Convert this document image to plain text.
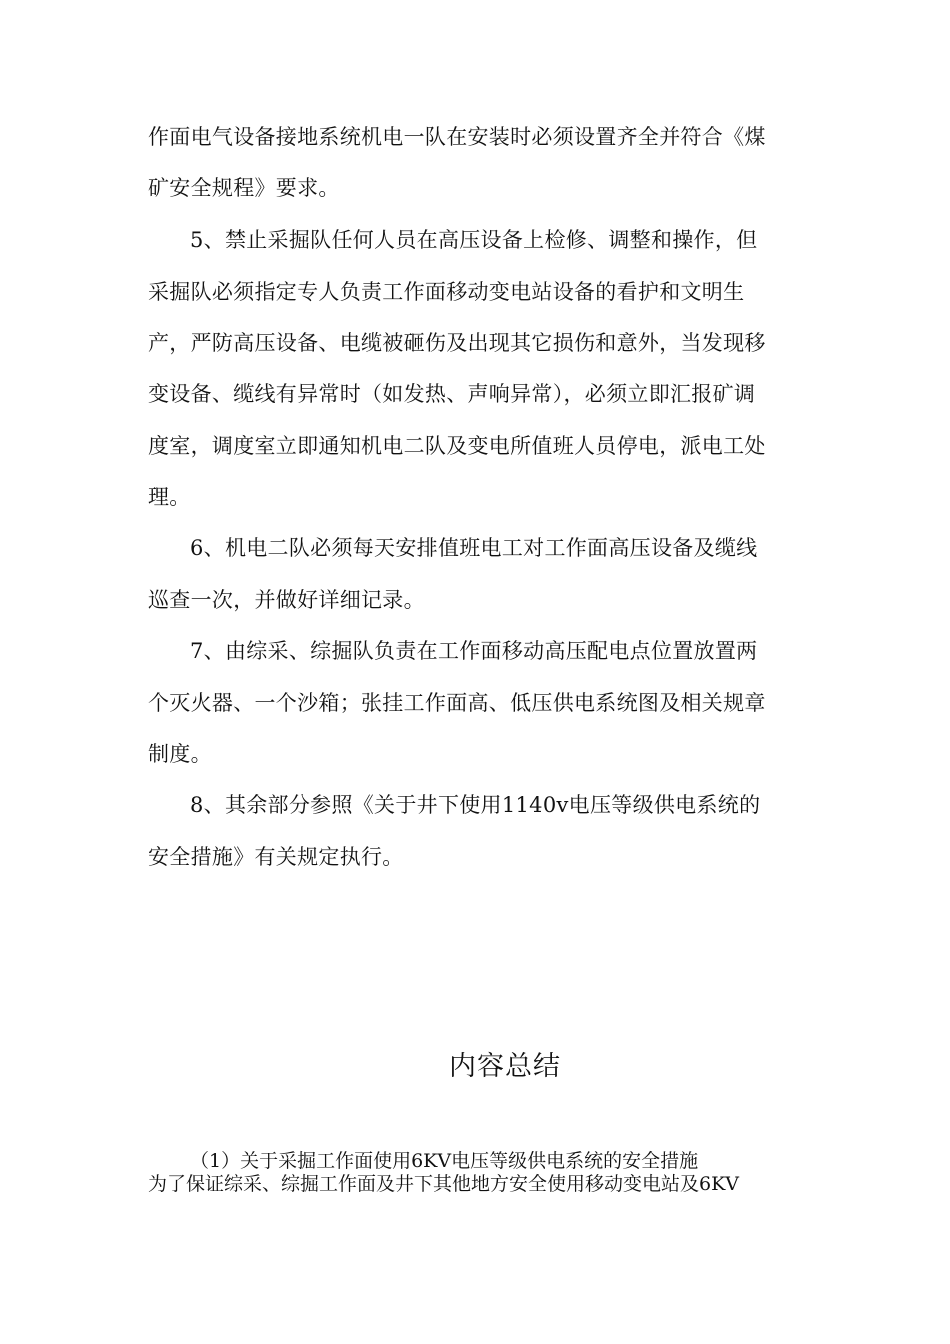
作面电气设备接地系统机电一队在安装时必须设置齐全并符合《煤
矿安全规程》要求。
5、禁止采掘队任何人员在高压设备上检修、调整和操作，但
采掘队必须指定专人负责工作面移动变电站设备的看护和文明生
产，严防高压设备、电缆被砸伤及出现其它损伤和意外，当发现移
变设备、缆线有异常时（如发热、声响异常），必须立即汇报矿调
度室，调度室立即通知机电二队及变电所值班人员停电，派电工处
理。
6、机电二队必须每天安排值班电工对工作面高压设备及缆线
巡查一次，并做好详细记录。
7、由综采、综掘队负责在工作面移动高压配电点位置放置两
个灭火器、一个沙箱；张挂工作面高、低压供电系统图及相关规章
制度。
8、其余部分参照《关于井下使用1140v电压等级供电系统的
安全措施》有关规定执行。
内容总结
（1）关于采掘工作面使用6KV电压等级供电系统的安全措施
为了保证综采、综掘工作面及井下其他地方安全使用移动变电站及6KV
